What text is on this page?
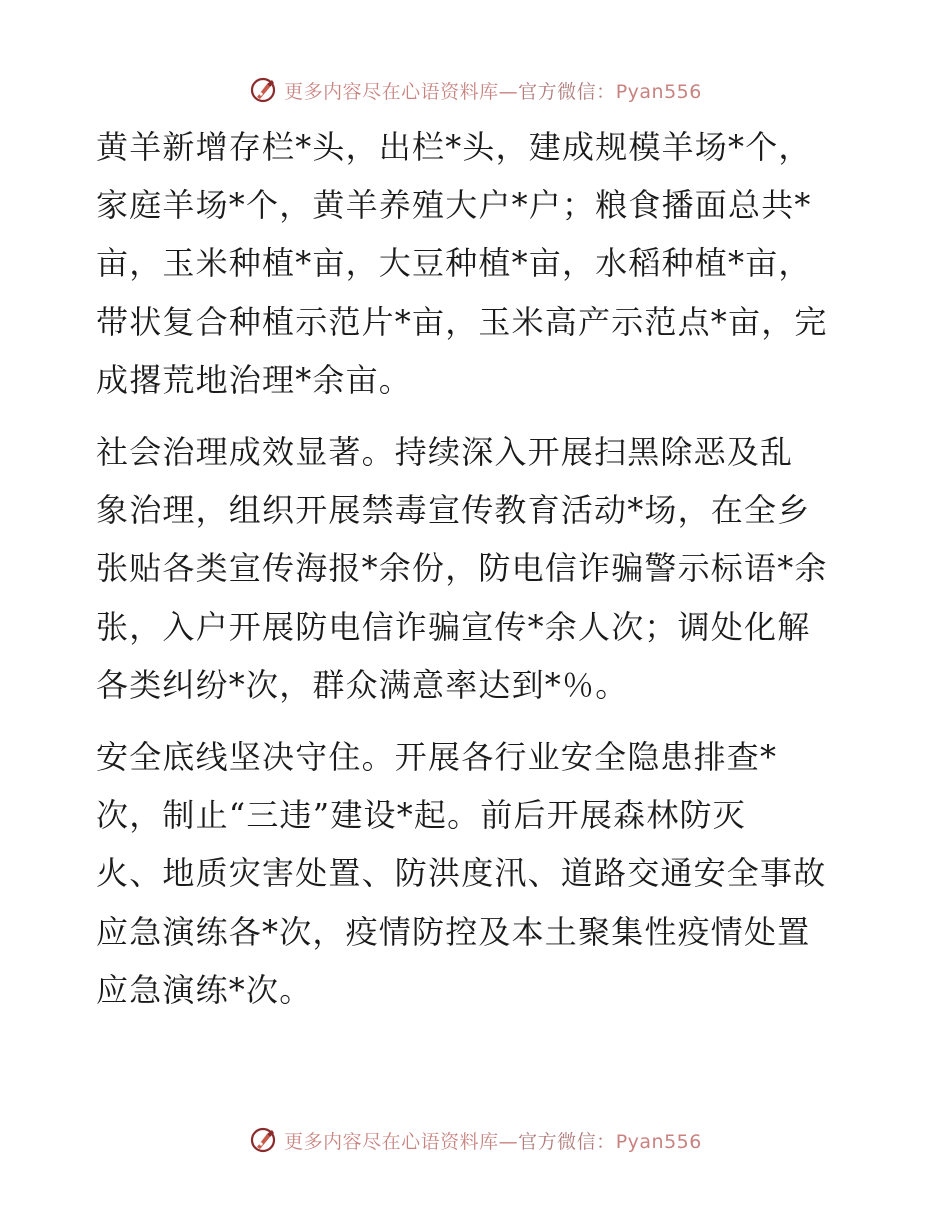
更多内容尽在心语资料库—官方微信：Pyan556

黄羊新增存栏*头，出栏*头，建成规模羊场*个，
家庭羊场*个，黄羊养殖大户*户；粮食播面总共*
亩，玉米种植*亩，大豆种植*亩，水稻种植*亩，
带状复合种植示范片*亩，玉米高产示范点*亩，完
成撂荒地治理*余亩。

社会治理成效显著。持续深入开展扫黑除恶及乱
象治理，组织开展禁毒宣传教育活动*场，在全乡
张贴各类宣传海报*余份，防电信诈骗警示标语*余
张，入户开展防电信诈骗宣传*余人次；调处化解
各类纠纷*次，群众满意率达到*％。

安全底线坚决守住。开展各行业安全隐患排查*
次，制止“三违”建设*起。前后开展森林防灭
火、地质灾害处置、防洪度汛、道路交通安全事故
应急演练各*次，疫情防控及本土聚集性疫情处置
应急演练*次。

更多内容尽在心语资料库—官方微信：Pyan556
